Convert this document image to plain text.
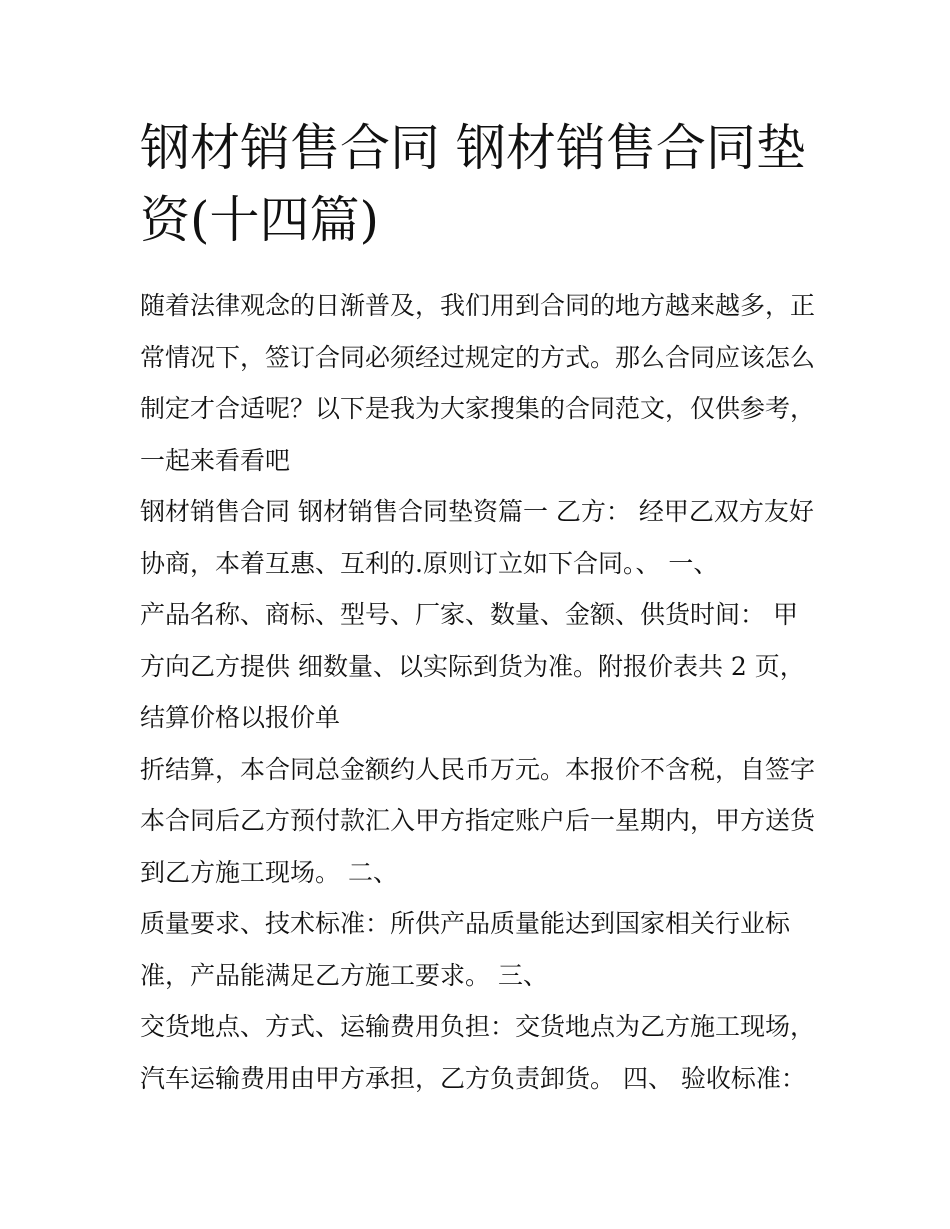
钢材销售合同 钢材销售合同垫
资(十四篇)

随着法律观念的日渐普及，我们用到合同的地方越来越多，正
常情况下，签订合同必须经过规定的方式。那么合同应该怎么
制定才合适呢？以下是我为大家搜集的合同范文，仅供参考，
一起来看看吧

钢材销售合同 钢材销售合同垫资篇一 乙方： 经甲乙双方友好
协商，本着互惠、互利的.原则订立如下合同。、 一、

产品名称、商标、型号、厂家、数量、金额、供货时间： 甲
方向乙方提供 细数量、以实际到货为准。附报价表共 2 页，
结算价格以报价单

折结算，本合同总金额约人民币万元。本报价不含税，自签字
本合同后乙方预付款汇入甲方指定账户后一星期内，甲方送货
到乙方施工现场。 二、

质量要求、技术标准：所供产品质量能达到国家相关行业标
准，产品能满足乙方施工要求。 三、

交货地点、方式、运输费用负担：交货地点为乙方施工现场，
汽车运输费用由甲方承担，乙方负责卸货。 四、 验收标准：
